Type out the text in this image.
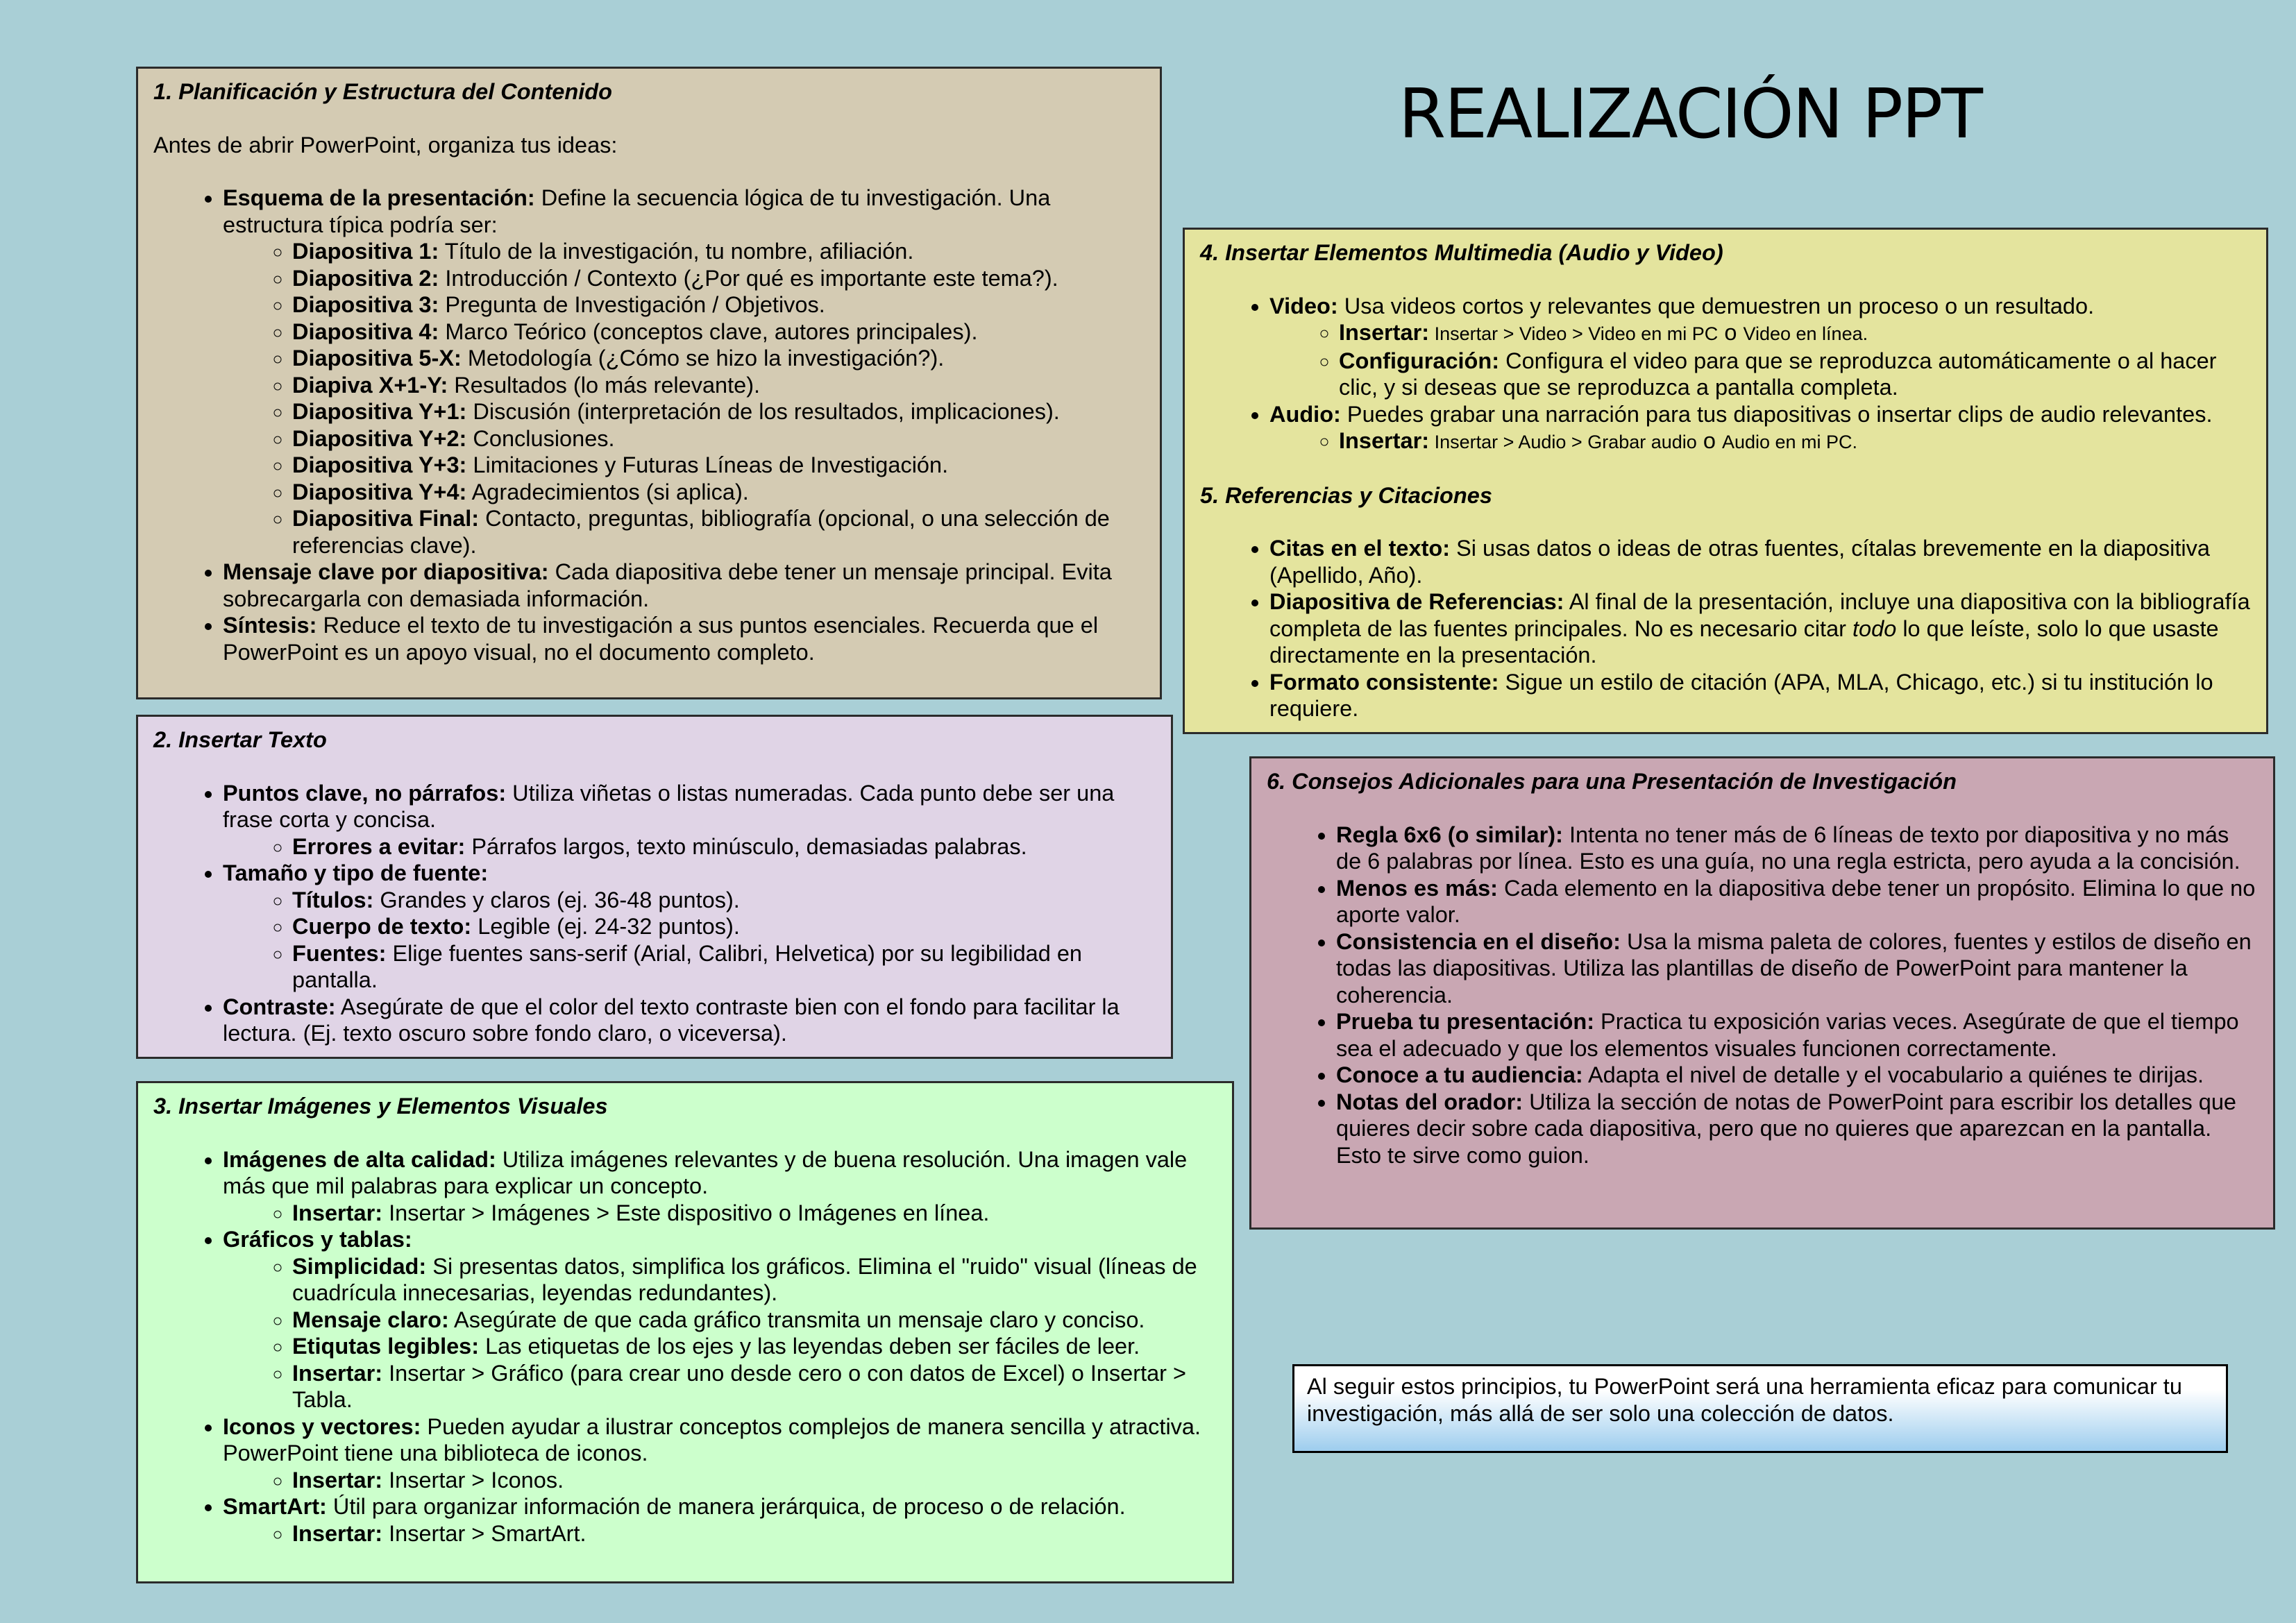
REALIZACIÓN PPT
1. Planificación y Estructura del Contenido

Antes de abrir PowerPoint, organiza tus ideas:

• Esquema de la presentación: Define la secuencia lógica de tu investigación. Una estructura típica podría ser:
◦ Diapositiva 1: Título de la investigación, tu nombre, afiliación.
◦ Diapositiva 2: Introducción / Contexto (¿Por qué es importante este tema?).
◦ Diapositiva 3: Pregunta de Investigación / Objetivos.
◦ Diapositiva 4: Marco Teórico (conceptos clave, autores principales).
◦ Diapositiva 5-X: Metodología (¿Cómo se hizo la investigación?).
◦ Diapiva X+1-Y: Resultados (lo más relevante).
◦ Diapositiva Y+1: Discusión (interpretación de los resultados, implicaciones).
◦ Diapositiva Y+2: Conclusiones.
◦ Diapositiva Y+3: Limitaciones y Futuras Líneas de Investigación.
◦ Diapositiva Y+4: Agradecimientos (si aplica).
◦ Diapositiva Final: Contacto, preguntas, bibliografía (opcional, o una selección de referencias clave).
• Mensaje clave por diapositiva: Cada diapositiva debe tener un mensaje principal. Evita sobrecargarla con demasiada información.
• Síntesis: Reduce el texto de tu investigación a sus puntos esenciales. Recuerda que el PowerPoint es un apoyo visual, no el documento completo.
2. Insertar Texto
• Puntos clave, no párrafos: Utiliza viñetas o listas numeradas. Cada punto debe ser una frase corta y concisa.
◦ Errores a evitar: Párrafos largos, texto minúsculo, demasiadas palabras.
• Tamaño y tipo de fuente:
◦ Títulos: Grandes y claros (ej. 36-48 puntos).
◦ Cuerpo de texto: Legible (ej. 24-32 puntos).
◦ Fuentes: Elige fuentes sans-serif (Arial, Calibri, Helvetica) por su legibilidad en pantalla.
• Contraste: Asegúrate de que el color del texto contraste bien con el fondo para facilitar la lectura. (Ej. texto oscuro sobre fondo claro, o viceversa).
3. Insertar Imágenes y Elementos Visuales
• Imágenes de alta calidad: Utiliza imágenes relevantes y de buena resolución. Una imagen vale más que mil palabras para explicar un concepto.
◦ Insertar: Insertar > Imágenes > Este dispositivo o Imágenes en línea.
• Gráficos y tablas:
◦ Simplicidad: Si presentas datos, simplifica los gráficos. Elimina el "ruido" visual (líneas de cuadrícula innecesarias, leyendas redundantes).
◦ Mensaje claro: Asegúrate de que cada gráfico transmita un mensaje claro y conciso.
◦ Etiqutas legibles: Las etiquetas de los ejes y las leyendas deben ser fáciles de leer.
◦ Insertar: Insertar > Gráfico (para crear uno desde cero o con datos de Excel) o Insertar > Tabla.
• Iconos y vectores: Pueden ayudar a ilustrar conceptos complejos de manera sencilla y atractiva. PowerPoint tiene una biblioteca de iconos.
◦ Insertar: Insertar > Iconos.
• SmartArt: Útil para organizar información de manera jerárquica, de proceso o de relación.
◦ Insertar: Insertar > SmartArt.
4. Insertar Elementos Multimedia (Audio y Video)
• Video: Usa videos cortos y relevantes que demuestren un proceso o un resultado.
◦ Insertar: Insertar > Video > Video en mi PC o Video en línea.
◦ Configuración: Configura el video para que se reproduzca automáticamente o al hacer clic, y si deseas que se reproduzca a pantalla completa.
• Audio: Puedes grabar una narración para tus diapositivas o insertar clips de audio relevantes.
◦ Insertar: Insertar > Audio > Grabar audio o Audio en mi PC.
5. Referencias y Citaciones
• Citas en el texto: Si usas datos o ideas de otras fuentes, cítalas brevemente en la diapositiva (Apellido, Año).
• Diapositiva de Referencias: Al final de la presentación, incluye una diapositiva con la bibliografía completa de las fuentes principales. No es necesario citar todo lo que leíste, solo lo que usaste directamente en la presentación.
• Formato consistente: Sigue un estilo de citación (APA, MLA, Chicago, etc.) si tu institución lo requiere.
6. Consejos Adicionales para una Presentación de Investigación
• Regla 6x6 (o similar): Intenta no tener más de 6 líneas de texto por diapositiva y no más de 6 palabras por línea. Esto es una guía, no una regla estricta, pero ayuda a la concisión.
• Menos es más: Cada elemento en la diapositiva debe tener un propósito. Elimina lo que no aporte valor.
• Consistencia en el diseño: Usa la misma paleta de colores, fuentes y estilos de diseño en todas las diapositivas. Utiliza las plantillas de diseño de PowerPoint para mantener la coherencia.
• Prueba tu presentación: Practica tu exposición varias veces. Asegúrate de que el tiempo sea el adecuado y que los elementos visuales funcionen correctamente.
• Conoce a tu audiencia: Adapta el nivel de detalle y el vocabulario a quiénes te dirijas.
• Notas del orador: Utiliza la sección de notas de PowerPoint para escribir los detalles que quieres decir sobre cada diapositiva, pero que no quieres que aparezcan en la pantalla. Esto te sirve como guion.
Al seguir estos principios, tu PowerPoint será una herramienta eficaz para comunicar tu investigación, más allá de ser solo una colección de datos.
